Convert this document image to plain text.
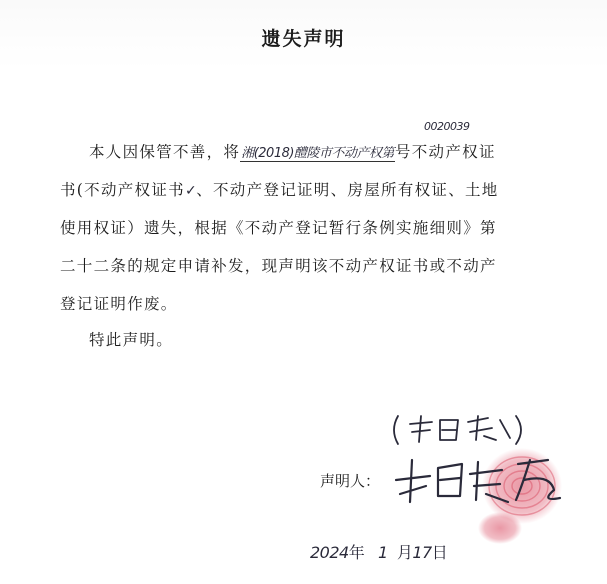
遗失声明
0020039
本人因保管不善，将湘(2018)醴陵市不动产权第号不动产权证
书(不动产权证书✓、不动产登记证明、房屋所有权证、土地
使用权证）遗失，根据《不动产登记暂行条例实施细则》第
二十二条的规定申请补发，现声明该不动产权证书或不动产
登记证明作废。
特此声明。
声明人：
2024年 1 月17日
